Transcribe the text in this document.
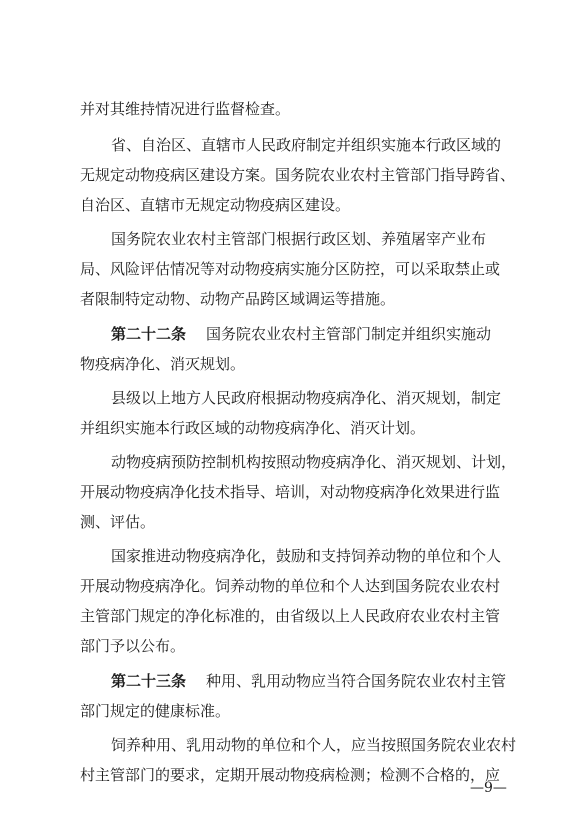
并对其维持情况进行监督检查。
省、自治区、直辖市人民政府制定并组织实施本行政区域的
无规定动物疫病区建设方案。国务院农业农村主管部门指导跨省、
自治区、直辖市无规定动物疫病区建设。
国务院农业农村主管部门根据行政区划、养殖屠宰产业布
局、风险评估情况等对动物疫病实施分区防控，可以采取禁止或
者限制特定动物、动物产品跨区域调运等措施。
第二十二条 国务院农业农村主管部门制定并组织实施动
物疫病净化、消灭规划。
县级以上地方人民政府根据动物疫病净化、消灭规划，制定
并组织实施本行政区域的动物疫病净化、消灭计划。
动物疫病预防控制机构按照动物疫病净化、消灭规划、计划，
开展动物疫病净化技术指导、培训，对动物疫病净化效果进行监
测、评估。
国家推进动物疫病净化，鼓励和支持饲养动物的单位和个人
开展动物疫病净化。饲养动物的单位和个人达到国务院农业农村
主管部门规定的净化标准的，由省级以上人民政府农业农村主管
部门予以公布。
第二十三条 种用、乳用动物应当符合国务院农业农村主管
部门规定的健康标准。
饲养种用、乳用动物的单位和个人，应当按照国务院农业农村
村主管部门的要求，定期开展动物疫病检测；检测不合格的，应
—9—
